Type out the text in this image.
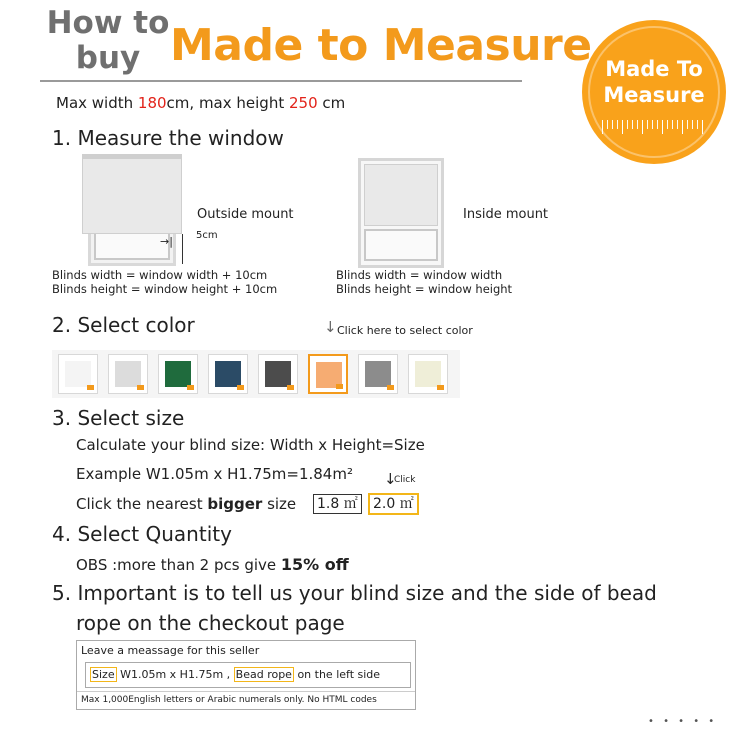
How to
buy Made to Measure Made To
Measure
Max width 180cm, max height 250 cm
1. Measure the window
→| 5cm
Outside mount
Blinds width = window width + 10cm
Blinds height = window height + 10cm
Inside mount
Blinds width = window width
Blinds height = window height
2. Select color	↓ Click here to select color
3. Select size
Calculate your blind size: Width x Height=Size
Example W1.05m x H1.75m=1.84m²
Click the nearest bigger size 1.8 ㎡	2.0 ㎡
↓
Click
4. Select Quantity
OBS :more than 2 pcs give 15% off
5. Important is to tell us your blind size and the side of bead
rope on the checkout page
Leave a meassage for this seller
Size W1.05m x H1.75m , Bead rope on the left side
Max 1,000English letters or Arabic numerals only. No HTML codes
• • • • •
